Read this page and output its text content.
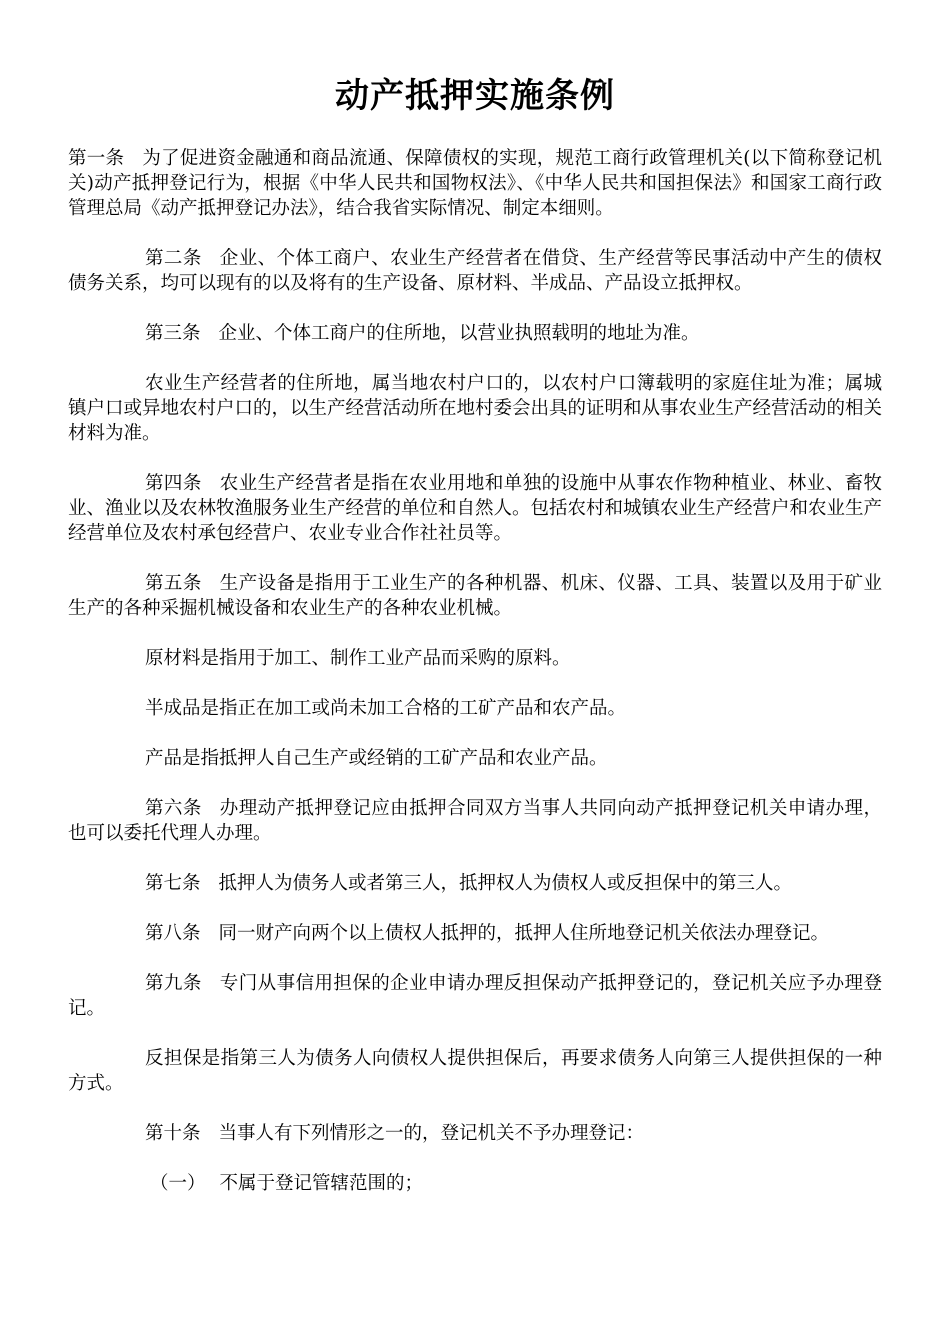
动产抵押实施条例

第一条 为了促进资金融通和商品流通、保障债权的实现，规范工商行政管理机关(以下简称登记机关)动产抵押登记行为，根据《中华人民共和国物权法》、《中华人民共和国担保法》和国家工商行政管理总局《动产抵押登记办法》，结合我省实际情况、制定本细则。

第二条 企业、个体工商户、农业生产经营者在借贷、生产经营等民事活动中产生的债权债务关系，均可以现有的以及将有的生产设备、原材料、半成品、产品设立抵押权。

第三条 企业、个体工商户的住所地，以营业执照载明的地址为准。

农业生产经营者的住所地，属当地农村户口的，以农村户口簿载明的家庭住址为准；属城镇户口或异地农村户口的，以生产经营活动所在地村委会出具的证明和从事农业生产经营活动的相关材料为准。

第四条 农业生产经营者是指在农业用地和单独的设施中从事农作物种植业、林业、畜牧业、渔业以及农林牧渔服务业生产经营的单位和自然人。包括农村和城镇农业生产经营户和农业生产经营单位及农村承包经营户、农业专业合作社社员等。

第五条 生产设备是指用于工业生产的各种机器、机床、仪器、工具、装置以及用于矿业生产的各种采掘机械设备和农业生产的各种农业机械。

原材料是指用于加工、制作工业产品而采购的原料。

半成品是指正在加工或尚未加工合格的工矿产品和农产品。

产品是指抵押人自己生产或经销的工矿产品和农业产品。

第六条 办理动产抵押登记应由抵押合同双方当事人共同向动产抵押登记机关申请办理，也可以委托代理人办理。

第七条 抵押人为债务人或者第三人，抵押权人为债权人或反担保中的第三人。

第八条 同一财产向两个以上债权人抵押的，抵押人住所地登记机关依法办理登记。

第九条 专门从事信用担保的企业申请办理反担保动产抵押登记的，登记机关应予办理登记。

反担保是指第三人为债务人向债权人提供担保后，再要求债务人向第三人提供担保的一种方式。

第十条 当事人有下列情形之一的，登记机关不予办理登记：

（一） 不属于登记管辖范围的；
